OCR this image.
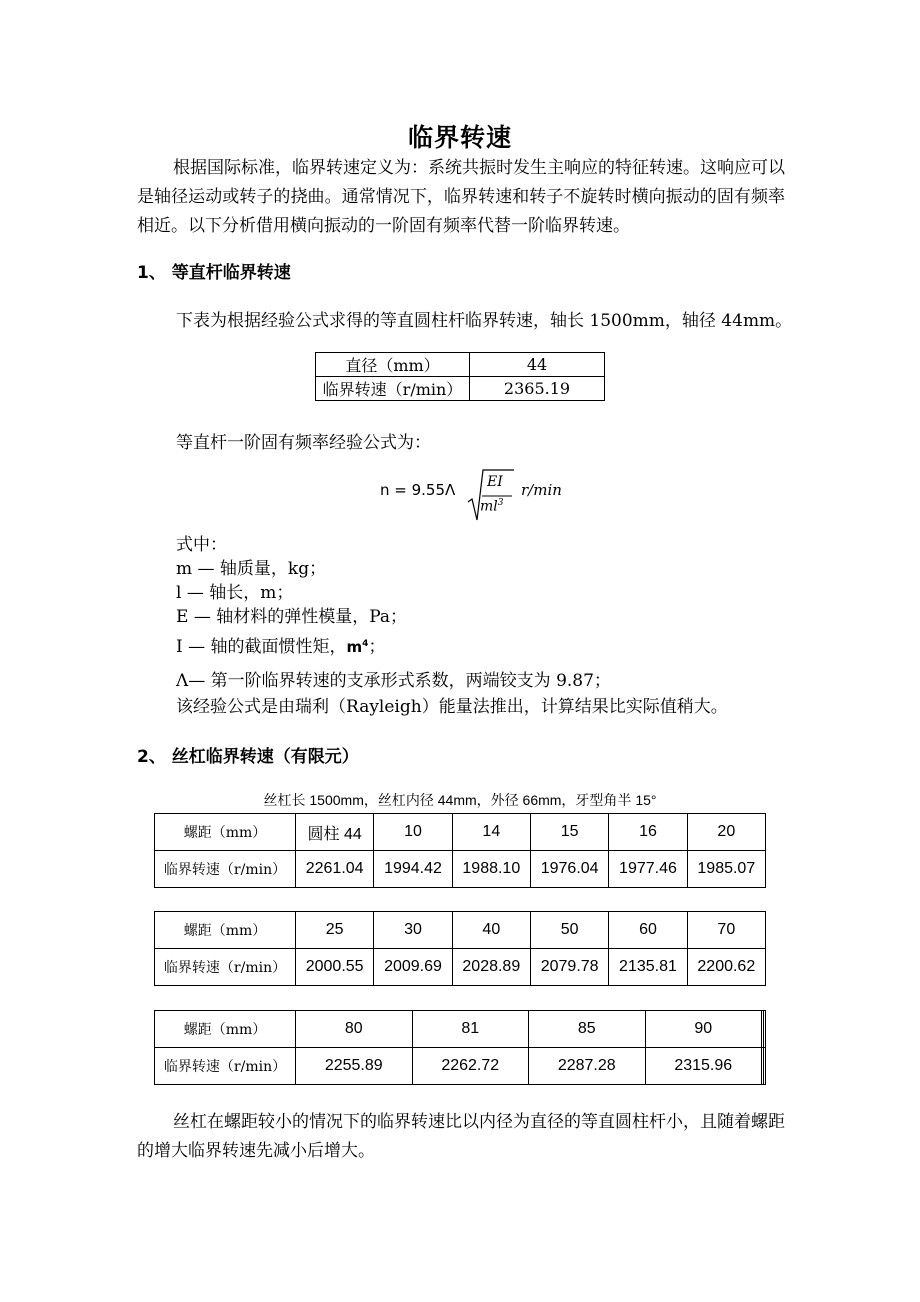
临界转速
根据国际标准，临界转速定义为：系统共振时发生主响应的特征转速。这响应可以是轴径运动或转子的挠曲。通常情况下，临界转速和转子不旋转时横向振动的固有频率相近。以下分析借用横向振动的一阶固有频率代替一阶临界转速。
1、 等直杆临界转速
下表为根据经验公式求得的等直圆柱杆临界转速，轴长 1500mm，轴径 44mm。
直径（mm）	44
临界转速（r/min）	2365.19
等直杆一阶固有频率经验公式为：
n = 9.55Λ EI
$ml^3$
r/min
式中：
m — 轴质量，kg；
l — 轴长，m；
E — 轴材料的弹性模量，Pa；
I — 轴的截面惯性矩，$m^4$；
Λ— 第一阶临界转速的支承形式系数，两端铰支为 9.87；
该经验公式是由瑞利（Rayleigh）能量法推出，计算结果比实际值稍大。
2、 丝杠临界转速（有限元）
丝杠长 1500mm，丝杠内径 44mm，外径 66mm，牙型角半 15°
螺距（mm）	圆柱 44	10	14	15	16	20
临界转速（r/min）	2261.04	1994.42	1988.10	1976.04	1977.46	1985.07
螺距（mm）	25	30	40	50	60	70
临界转速（r/min）	2000.55	2009.69	2028.89	2079.78	2135.81	2200.62
螺距（mm）	80	81	85	90		
临界转速（r/min）	2255.89	2262.72	2287.28	2315.96		
丝杠在螺距较小的情况下的临界转速比以内径为直径的等直圆柱杆小，且随着螺距的增大临界转速先减小后增大。
